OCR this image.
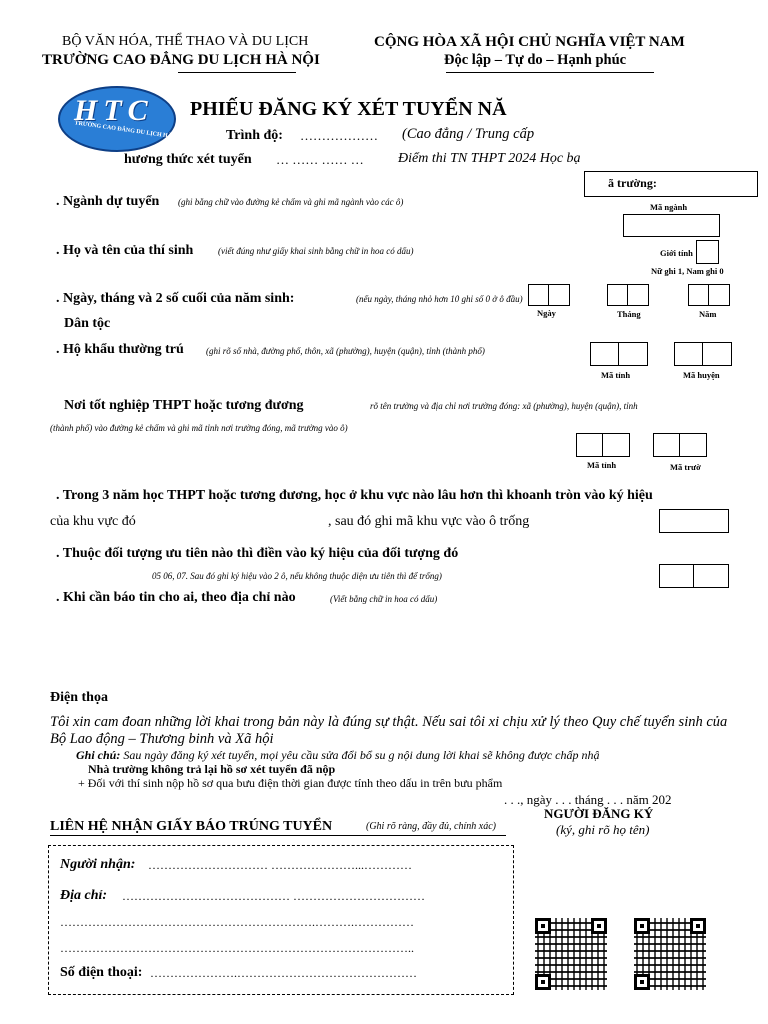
BỘ VĂN HÓA, THỂ THAO VÀ DU LỊCH
TRƯỜNG CAO ĐẲNG DU LỊCH HÀ NỘI
CỘNG HÒA XÃ HỘI CHỦ NGHĨA VIỆT NAM
Độc lập – Tự do – Hạnh phúc
HTC
TRƯỜNG CAO ĐẲNG DU LỊCH HÀ NỘI
PHIẾU ĐĂNG KÝ XÉT TUYỂN NĂ
Trình độ: ……………… (Cao đẳng / Trung cấp
hương thức xét tuyển … …… …… … Điểm thi TN THPT 2024 Học bạ
ã trường:
. Ngành dự tuyển (ghi bằng chữ vào đường kẻ chấm và ghi mã ngành vào các ô)	Mã ngành
. Họ và tên của thí sinh	(viết đúng như giấy khai sinh bằng chữ in hoa có dấu)	Giới tính
Nữ ghi 1, Nam ghi 0
. Ngày, tháng và 2 số cuối của năm sinh:	(nếu ngày, tháng nhỏ hơn 10 ghi số 0 ở ô đầu)
Ngày	Tháng	Năm
Dân tộc
. Hộ khẩu thường trú (ghi rõ số nhà, đường phố, thôn, xã (phường), huyện (quận), tỉnh (thành phố)
Mã tỉnh	Mã huyện
Nơi tốt nghiệp THPT hoặc tương đương	rõ tên trường và địa chỉ nơi trường đóng: xã (phường), huyện (quận), tỉnh
(thành phố) vào đường kẻ chấm và ghi mã tỉnh nơi trường đóng, mã trường vào ô)
Mã tỉnh	Mã trườ
. Trong 3 năm học THPT hoặc tương đương, học ở khu vực nào lâu hơn thì khoanh tròn vào ký hiệu
của khu vực đó	, sau đó ghi mã khu vực vào ô trống
. Thuộc đối tượng ưu tiên nào thì điền vào ký hiệu của đối tượng đó
05 06, 07. Sau đó ghi ký hiệu vào 2 ô, nếu không thuộc diện ưu tiên thì để trống)
. Khi cần báo tin cho ai, theo địa chỉ nào	(Viết bằng chữ in hoa có dấu)
Điện thọa
Tôi xin cam đoan những lời khai trong bản này là đúng sự thật. Nếu sai tôi xi chịu xử lý theo Quy chế tuyển sinh của
Bộ Lao động – Thương binh và Xã hội
Ghi chú: Sau ngày đăng ký xét tuyển, mọi yêu cầu sửa đổi bổ su g nội dung lời khai sẽ không được chấp nhậ
Nhà trường không trả lại hồ sơ xét tuyển đã nộp
+ Đối với thí sinh nộp hồ sơ qua bưu điện thời gian được tính theo dấu in trên bưu phẩm
. . ., ngày . . . tháng . . . năm 202
NGƯỜI ĐĂNG KÝ
(ký, ghi rõ họ tên)
LIÊN HỆ NHẬN GIẤY BÁO TRÚNG TUYỂN	(Ghi rõ ràng, đầy đủ, chính xác)
Người nhận: ………………………… …………………...…………
Địa chỉ: …………………………………… ……………………………
……………………………………………………….……….……………
……………………………………………………………………………..
Số điện thoại: ………………….………………………………………
